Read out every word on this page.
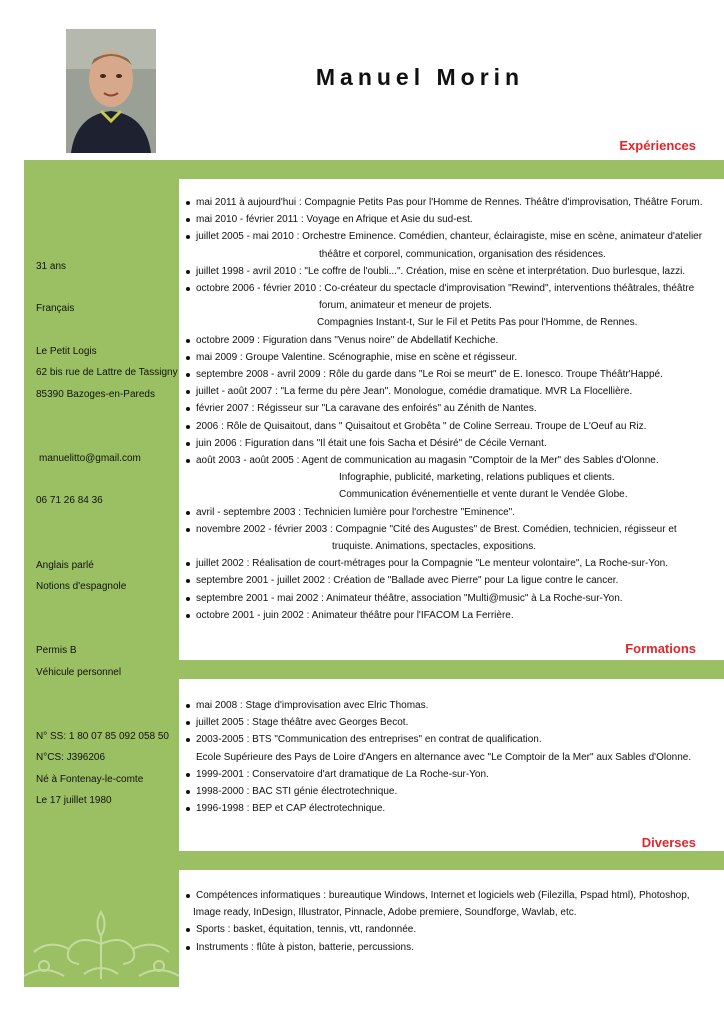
Manuel Morin
Expériences
Formations
Diverses
31 ans
Français
Le Petit Logis
62 bis rue de Lattre de Tassigny
85390 Bazoges-en-Pareds
manuelitto@gmail.com
06 71 26 84 36
Anglais parlé
Notions d'espagnole
Permis B
Véhicule personnel
N° SS: 1 80 07 85 092 058 50
N°CS: J396206
Né à Fontenay-le-comte
Le 17 juillet 1980
mai 2011 à aujourd'hui : Compagnie Petits Pas pour l'Homme de Rennes. Théâtre d'improvisation, Théâtre Forum.
mai 2010 - février 2011 : Voyage en Afrique et Asie du sud-est.
juillet 2005 - mai 2010 : Orchestre Eminence. Comédien, chanteur, éclairagiste, mise en scène, animateur d'atelier
théâtre et corporel, communication, organisation des résidences.
juillet 1998 - avril 2010 : "Le coffre de l'oubli...". Création, mise en scène et interprétation. Duo burlesque, lazzi.
octobre 2006 - février 2010 : Co-créateur du spectacle d'improvisation "Rewind", interventions théâtrales, théâtre
forum, animateur et meneur de projets.
Compagnies Instant-t, Sur le Fil et Petits Pas pour l'Homme, de Rennes.
octobre 2009 : Figuration dans "Venus noire" de Abdellatif Kechiche.
mai 2009 : Groupe Valentine. Scénographie, mise en scène et régisseur.
septembre 2008 - avril 2009 : Rôle du garde dans "Le Roi se meurt" de E. Ionesco. Troupe Théâtr'Happé.
juillet - août 2007 : "La ferme du père Jean". Monologue, comédie dramatique. MVR La Flocellière.
février 2007 : Régisseur sur "La caravane des enfoirés" au Zénith de Nantes.
2006 : Rôle de Quisaitout, dans " Quisaitout et Grobêta " de Coline Serreau. Troupe de L'Oeuf au Riz.
juin 2006 : Figuration dans "Il était une fois Sacha et Désiré" de Cécile Vernant.
août 2003 - août 2005 : Agent de communication au magasin "Comptoir de la Mer" des Sables d'Olonne.
Infographie, publicité, marketing, relations publiques et clients.
Communication événementielle et vente durant le Vendée Globe.
avril - septembre 2003 : Technicien lumière pour l'orchestre "Eminence".
novembre 2002 - février 2003 : Compagnie "Cité des Augustes" de Brest. Comédien, technicien, régisseur et
truquiste. Animations, spectacles, expositions.
juillet 2002 : Réalisation de court-métrages pour la Compagnie "Le menteur volontaire", La Roche-sur-Yon.
septembre 2001 - juillet 2002 : Création de "Ballade avec Pierre" pour La ligue contre le cancer.
septembre 2001 - mai 2002 : Animateur théâtre, association "Multi@music" à La Roche-sur-Yon.
octobre 2001 - juin 2002 : Animateur théâtre pour l'IFACOM La Ferrière.
mai 2008 : Stage d'improvisation avec Elric Thomas.
juillet 2005 : Stage théâtre avec Georges Becot.
2003-2005 : BTS "Communication des entreprises" en contrat de qualification.
Ecole Supérieure des Pays de Loire d'Angers en alternance avec "Le Comptoir de la Mer" aux Sables d'Olonne.
1999-2001 : Conservatoire d'art dramatique de La Roche-sur-Yon.
1998-2000 : BAC STI génie électrotechnique.
1996-1998 : BEP et CAP électrotechnique.
Compétences informatiques : bureautique Windows, Internet et logiciels web (Filezilla, Pspad html), Photoshop,
Image ready, InDesign, Illustrator, Pinnacle, Adobe premiere, Soundforge, Wavlab, etc.
Sports : basket, équitation, tennis, vtt, randonnée.
Instruments : flûte à piston, batterie, percussions.
